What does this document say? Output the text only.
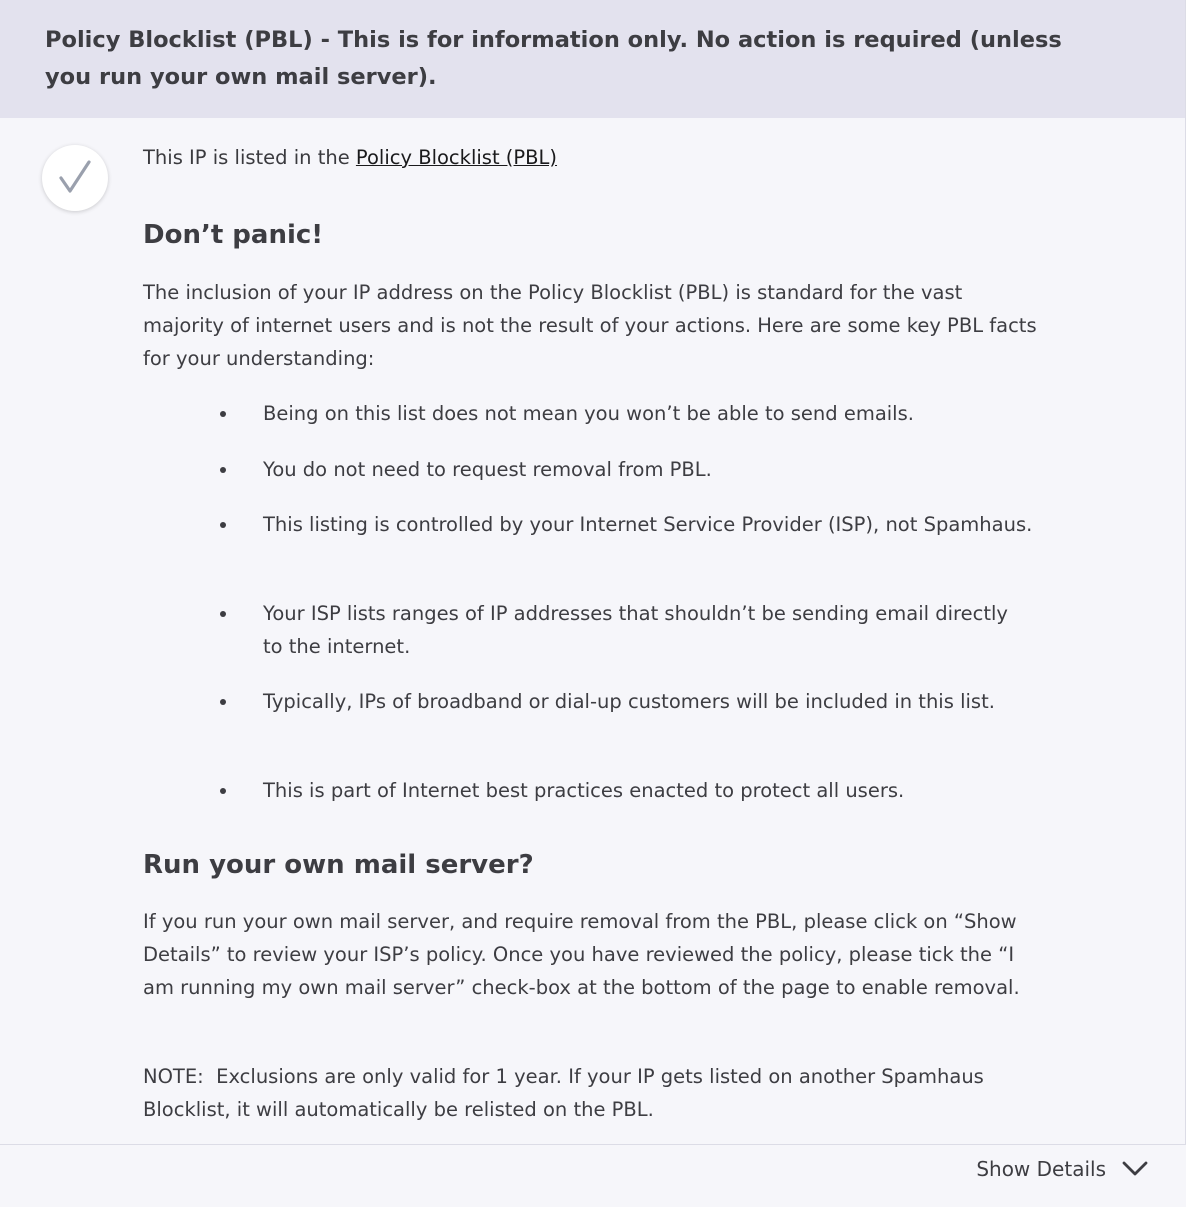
Policy Blocklist (PBL) - This is for information only. No action is required (unless you run your own mail server).

This IP is listed in the Policy Blocklist (PBL)
Don’t panic!

The inclusion of your IP address on the Policy Blocklist (PBL) is standard for the vast majority of internet users and is not the result of your actions. Here are some key PBL facts for your understanding:

Being on this list does not mean you won’t be able to send emails.
You do not need to request removal from PBL.
This listing is controlled by your Internet Service Provider (ISP), not Spamhaus.
Your ISP lists ranges of IP addresses that shouldn’t be sending email directly to the internet.
Typically, IPs of broadband or dial-up customers will be included in this list.
This is part of Internet best practices enacted to protect all users.
Run your own mail server?

If you run your own mail server, and require removal from the PBL, please click on “Show Details” to review your ISP’s policy. Once you have reviewed the policy, please tick the “I am running my own mail server” check-box at the bottom of the page to enable removal.

NOTE: Exclusions are only valid for 1 year. If your IP gets listed on another Spamhaus Blocklist, it will automatically be relisted on the PBL.

Show Details
